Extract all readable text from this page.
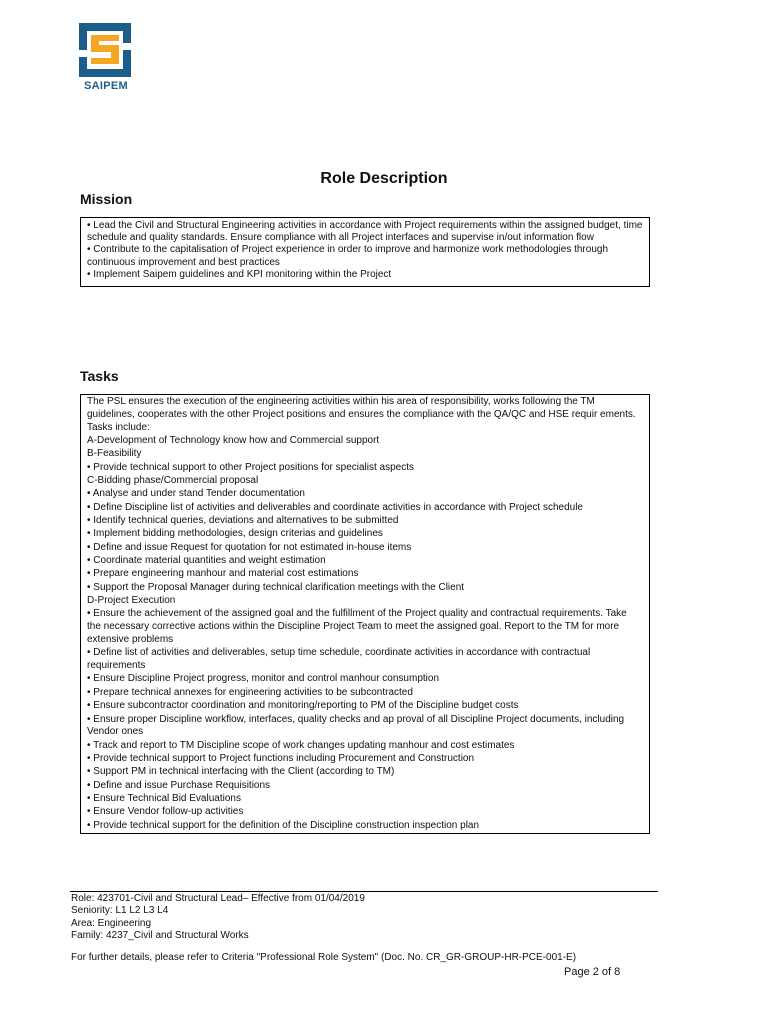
SAIPEM
Role Description
Mission
• Lead the Civil and Structural Engineering activities in accordance with Project requirements within the assigned budget, time schedule and quality standards. Ensure compliance with all Project interfaces and supervise in/out information flow
• Contribute to the capitalisation of Project experience in order to improve and harmonize work methodologies through continuous improvement and best practices
• Implement Saipem guidelines and KPI monitoring within the Project
Tasks
The PSL ensures the execution of the engineering activities within his area of responsibility, works following the TM guidelines, cooperates with the other Project positions and ensures the compliance with the QA/QC and HSE requir ements. Tasks include:
A-Development of Technology know how and Commercial support
B-Feasibility
• Provide technical support to other Project positions for specialist aspects
C-Bidding phase/Commercial proposal
• Analyse and under stand Tender documentation
• Define Discipline list of activities and deliverables and coordinate activities in accordance with Project schedule
• Identify technical queries, deviations and alternatives to be submitted
• Implement bidding methodologies, design criterias and guidelines
• Define and issue Request for quotation for not estimated in-house items
• Coordinate material quantities and weight estimation
• Prepare engineering manhour and material cost estimations
• Support the Proposal Manager during technical clarification meetings with the Client
D-Project Execution
• Ensure the achievement of the assigned goal and the fulfillment of the Project quality and contractual requirements. Take the necessary corrective actions within the Discipline Project Team to meet the assigned goal. Report to the TM for more extensive problems
• Define list of activities and deliverables, setup time schedule, coordinate activities in accordance with contractual requirements
• Ensure Discipline Project progress, monitor and control manhour consumption
• Prepare technical annexes for engineering activities to be subcontracted
• Ensure subcontractor coordination and monitoring/reporting to PM of the Discipline budget costs
• Ensure proper Discipline workflow, interfaces, quality checks and ap proval of all Discipline Project documents, including Vendor ones
• Track and report to TM Discipline scope of work changes updating manhour and cost estimates
• Provide technical support to Project functions including Procurement and Construction
• Support PM in technical interfacing with the Client (according to TM)
• Define and issue Purchase Requisitions
• Ensure Technical Bid Evaluations
• Ensure Vendor follow-up activities
• Provide technical support for the definition of the Discipline construction inspection plan
Role: 423701-Civil and Structural Lead– Effective from 01/04/2019
Seniority: L1 L2 L3 L4
Area: Engineering
Family: 4237_Civil and Structural Works
For further details, please refer to Criteria "Professional Role System" (Doc. No. CR_GR-GROUP-HR-PCE-001-E)
Page 2 of 8
